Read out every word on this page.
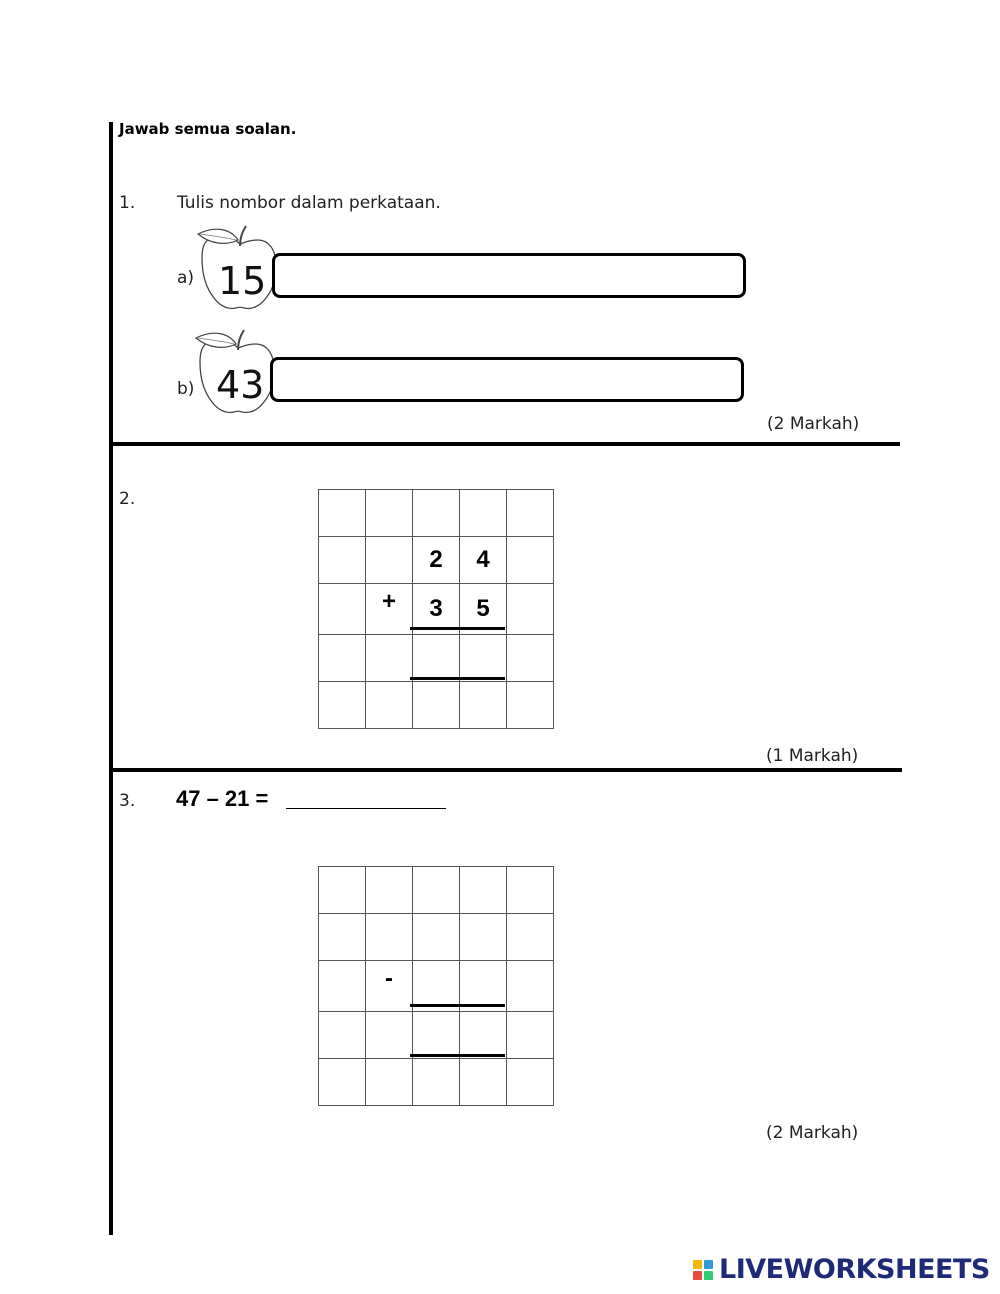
Jawab semua soalan.
1. Tulis nombor dalam perkataan.
a) 15
b) 43
(2 Markah)
2.

		2	4	
	+	3	5	

(1 Markah)
3. 47 – 21 =

	-			

(2 Markah)
LIVEWORKSHEETS
